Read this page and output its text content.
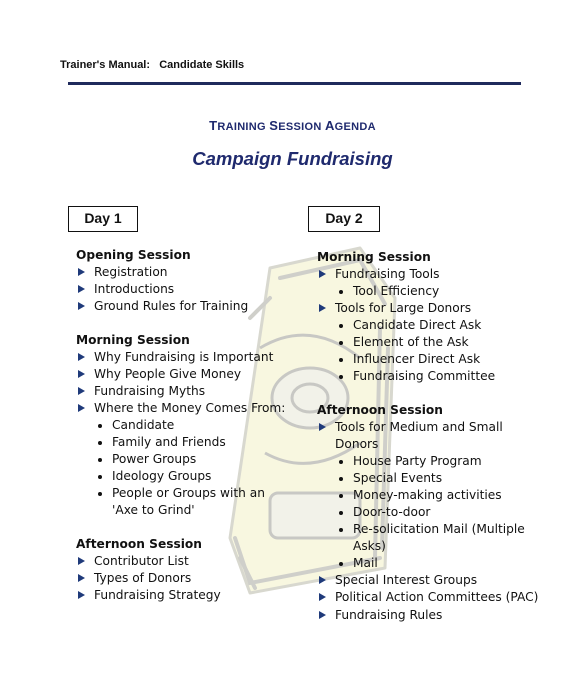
Trainer's Manual:   Candidate Skills
TRAINING SESSION AGENDA
Campaign Fundraising
Day 1	Day 2
Opening Session
Registration
Introductions
Ground Rules for Training
Morning Session
Why Fundraising is Important
Why People Give Money
Fundraising Myths
Where the Money Comes From:
Candidate
Family and Friends
Power Groups
Ideology Groups
People or Groups with an 'Axe to Grind'
Afternoon Session
Contributor List
Types of Donors
Fundraising Strategy
Morning Session
Fundraising Tools
Tool Efficiency
Tools for Large Donors
Candidate Direct Ask
Element of the Ask
Influencer Direct Ask
Fundraising Committee
Afternoon Session
Tools for Medium and Small Donors
House Party Program
Special Events
Money-making activities
Door-to-door
Re-solicitation Mail (Multiple Asks)
Mail
Special Interest Groups
Political Action Committees (PAC)
Fundraising Rules
